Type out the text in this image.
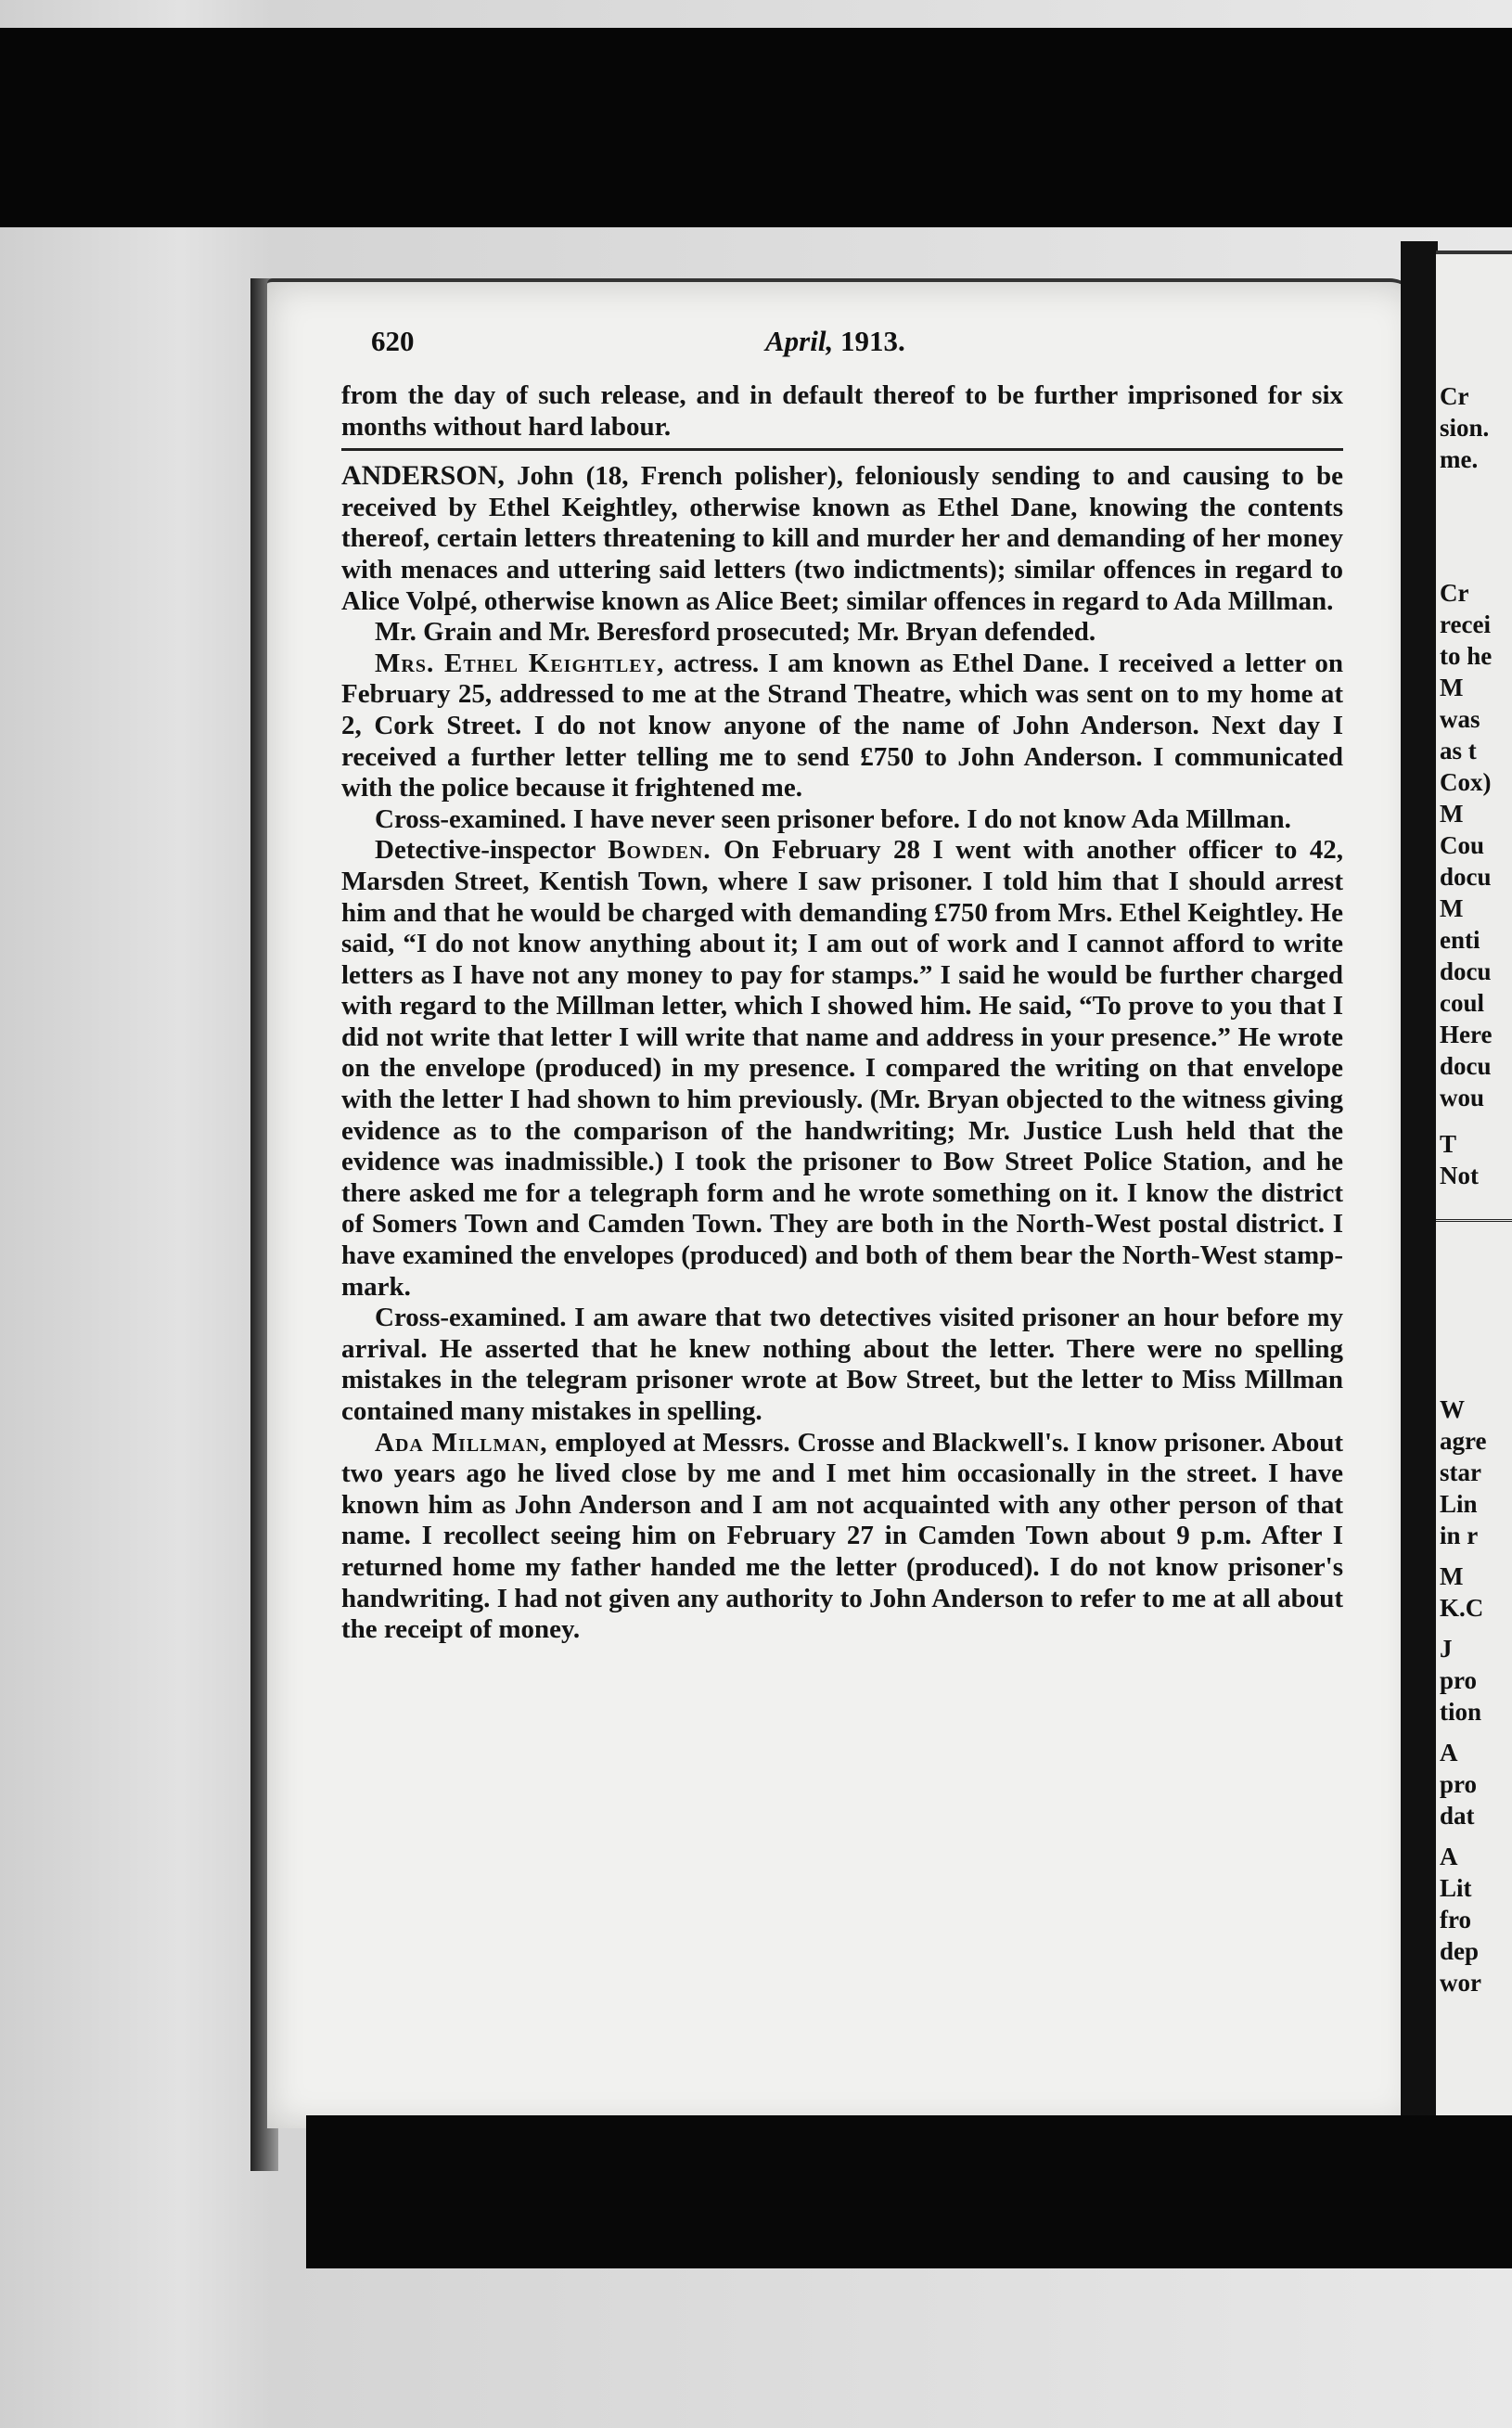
Cr
sion.
me.
Cr
recei
to he
M
was
as t
Cox)
M
Cou
docu
M
enti
docu
coul
Here
docu
wou
T
Not
W
agre
star
Lin
in r
M
K.C
J
pro
tion
A
pro
dat
A
Lit
fro
dep
wor
620	April, 1913.

from the day of such release, and in default thereof to be further imprisoned for six months without hard labour.

ANDERSON, John (18, French polisher), feloniously sending to and causing to be received by Ethel Keightley, otherwise known as Ethel Dane, knowing the contents thereof, certain letters threatening to kill and murder her and demanding of her money with menaces and uttering said letters (two indictments); similar offences in regard to Alice Volpé, otherwise known as Alice Beet; similar offences in regard to Ada Millman.

Mr. Grain and Mr. Beresford prosecuted; Mr. Bryan defended.

Mrs. Ethel Keightley, actress. I am known as Ethel Dane. I received a letter on February 25, addressed to me at the Strand Theatre, which was sent on to my home at 2, Cork Street. I do not know anyone of the name of John Anderson. Next day I received a further letter telling me to send £750 to John Anderson. I communicated with the police because it frightened me.

Cross-examined. I have never seen prisoner before. I do not know Ada Millman.

Detective-inspector Bowden. On February 28 I went with another officer to 42, Marsden Street, Kentish Town, where I saw prisoner. I told him that I should arrest him and that he would be charged with demanding £750 from Mrs. Ethel Keightley. He said, “I do not know anything about it; I am out of work and I cannot afford to write letters as I have not any money to pay for stamps.” I said he would be further charged with regard to the Millman letter, which I showed him. He said, “To prove to you that I did not write that letter I will write that name and address in your presence.” He wrote on the envelope (produced) in my presence. I compared the writing on that envelope with the letter I had shown to him previously. (Mr. Bryan objected to the witness giving evidence as to the comparison of the handwriting; Mr. Justice Lush held that the evidence was inadmissible.) I took the prisoner to Bow Street Police Station, and he there asked me for a telegraph form and he wrote something on it. I know the district of Somers Town and Camden Town. They are both in the North-West postal district. I have examined the envelopes (produced) and both of them bear the North-West stamp-mark.

Cross-examined. I am aware that two detectives visited prisoner an hour before my arrival. He asserted that he knew nothing about the letter. There were no spelling mistakes in the telegram prisoner wrote at Bow Street, but the letter to Miss Millman contained many mistakes in spelling.

Ada Millman, employed at Messrs. Crosse and Blackwell's. I know prisoner. About two years ago he lived close by me and I met him occasionally in the street. I have known him as John Anderson and I am not acquainted with any other person of that name. I recollect seeing him on February 27 in Camden Town about 9 p.m. After I returned home my father handed me the letter (produced). I do not know prisoner's handwriting. I had not given any authority to John Anderson to refer to me at all about the receipt of money.
